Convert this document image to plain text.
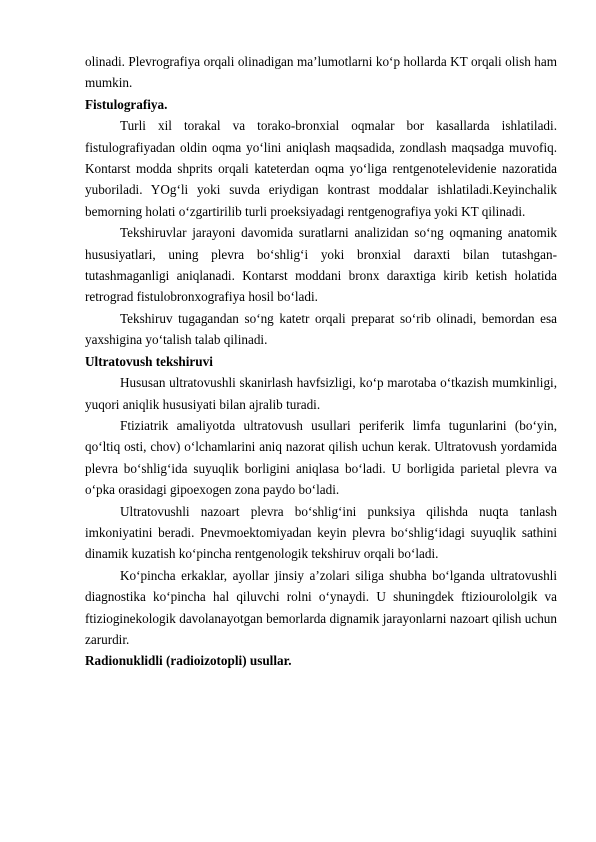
olinadi. Plevrografiya orqali olinadigan ma’lumotlarni ko‘p hollarda KT orqali olish ham mumkin.

Fistulografiya.

Turli xil torakal va torako-bronxial oqmalar bor kasallarda ishlatiladi. fistulografiyadan oldin oqma yo‘lini aniqlash maqsadida, zondlash maqsadga muvofiq. Kontarst modda shprits orqali kateterdan oqma yo‘liga rentgenotelevidenie nazoratida yuboriladi. YOg‘li yoki suvda eriydigan kontrast moddalar ishlatiladi.Keyinchalik bemorning holati o‘zgartirilib turli proeksiyadagi rentgenografiya yoki KT qilinadi.

Tekshiruvlar jarayoni davomida suratlarni analizidan so‘ng oqmaning anatomik hususiyatlari, uning plevra bo‘shlig‘i yoki bronxial daraxti bilan tutashgan- tutashmaganligi aniqlanadi. Kontarst moddani bronx daraxtiga kirib ketish holatida retrograd fistulobronxografiya hosil bo‘ladi.

Tekshiruv tugagandan so‘ng katetr orqali preparat so‘rib olinadi, bemordan esa yaxshigina yo‘talish talab qilinadi.

Ultratovush tekshiruvi

Hususan ultratovushli skanirlash havfsizligi, ko‘p marotaba o‘tkazish mumkinligi, yuqori aniqlik hususiyati bilan ajralib turadi.

Ftiziatrik amaliyotda ultratovush usullari periferik limfa tugunlarini (bo‘yin, qo‘ltiq osti, chov) o‘lchamlarini aniq nazorat qilish uchun kerak. Ultratovush yordamida plevra bo‘shlig‘ida suyuqlik borligini aniqlasa bo‘ladi. U borligida parietal plevra va o‘pka orasidagi gipoexogen zona paydo bo‘ladi.

Ultratovushli nazoart plevra bo‘shlig‘ini punksiya qilishda nuqta tanlash imkoniyatini beradi. Pnevmoektomiyadan keyin plevra bo‘shlig‘idagi suyuqlik sathini dinamik kuzatish ko‘pincha rentgenologik tekshiruv orqali bo‘ladi.

Ko‘pincha erkaklar, ayollar jinsiy a’zolari siliga shubha bo‘lganda ultratovushli diagnostika ko‘pincha hal qiluvchi rolni o‘ynaydi. U shuningdek ftiziourololgik va ftizioginekologik davolanayotgan bemorlarda dignamik jarayonlarni nazoart qilish uchun zarurdir.

Radionuklidli (radioizotopli) usullar.
